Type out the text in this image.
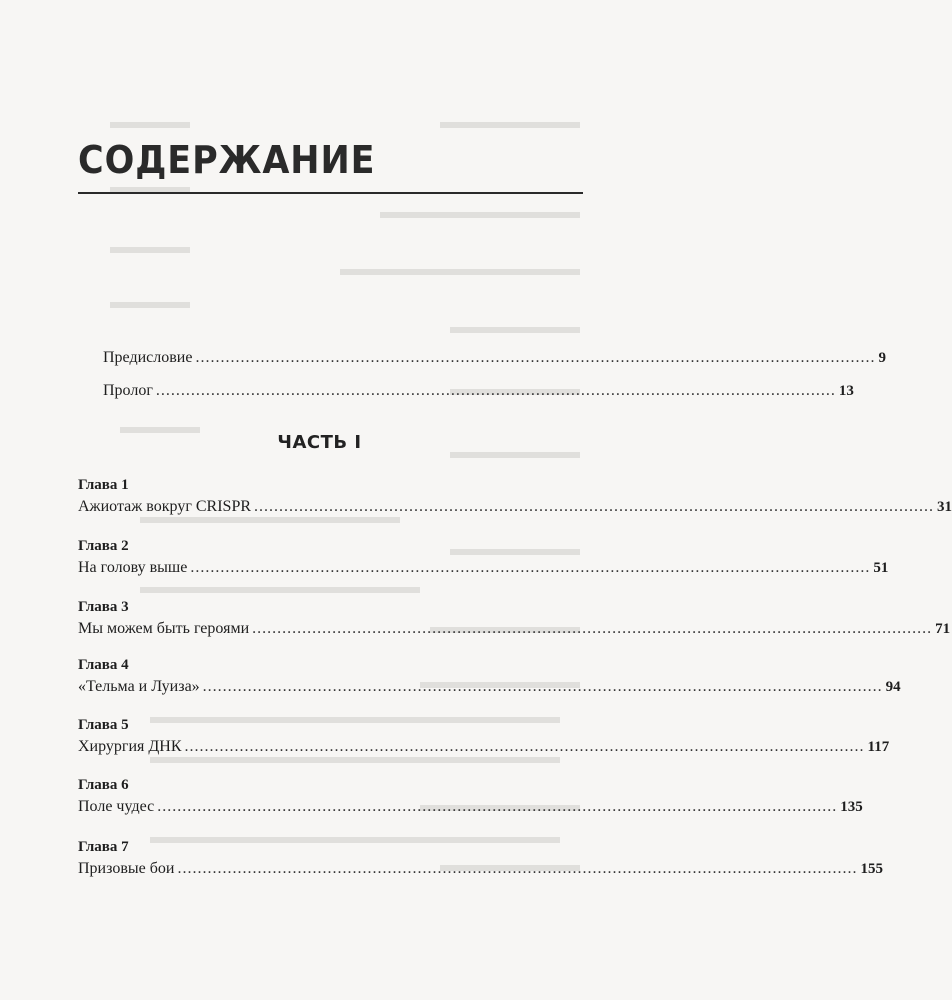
СОДЕРЖАНИЕ
Предисловие ........................................................................................................................................ 9
Пролог ........................................................................................................................................ 13
ЧАСТЬ I
Глава 1
Ажиотаж вокруг CRISPR ........................................................................................................................................ 31
Глава 2
На голову выше ........................................................................................................................................ 51
Глава 3
Мы можем быть героями ........................................................................................................................................ 71
Глава 4
«Тельма и Луиза» ........................................................................................................................................ 94
Глава 5
Хирургия ДНК ........................................................................................................................................ 117
Глава 6
Поле чудес ........................................................................................................................................ 135
Глава 7
Призовые бои ........................................................................................................................................ 155
